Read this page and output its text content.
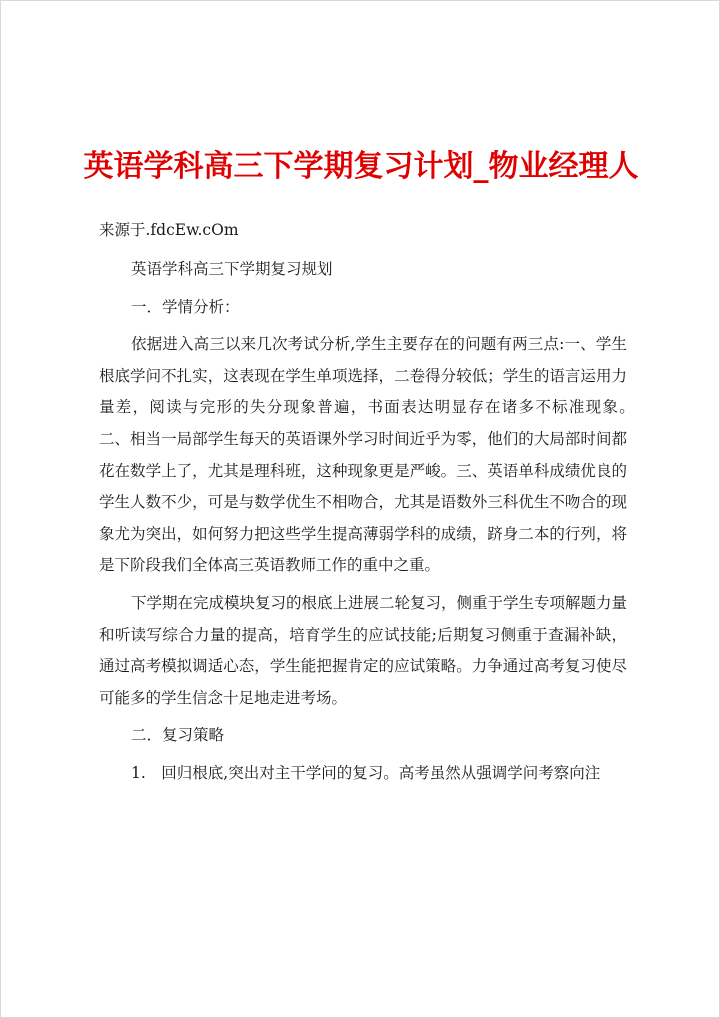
英语学科高三下学期复习计划_物业经理人
来源于.fdcEw.cOm

英语学科高三下学期复习规划

一．学情分析：

依据进入高三以来几次考试分析,学生主要存在的问题有两三点:一、学生根底学问不扎实，这表现在学生单项选择，二卷得分较低；学生的语言运用力量差，阅读与完形的失分现象普遍，书面表达明显存在诸多不标准现象。　二、相当一局部学生每天的英语课外学习时间近乎为零，他们的大局部时间都花在数学上了，尤其是理科班，这种现象更是严峻。三、英语单科成绩优良的学生人数不少，可是与数学优生不相吻合，尤其是语数外三科优生不吻合的现象尤为突出，如何努力把这些学生提高薄弱学科的成绩，跻身二本的行列，将是下阶段我们全体高三英语教师工作的重中之重。

下学期在完成模块复习的根底上进展二轮复习，侧重于学生专项解题力量和听读写综合力量的提高，培育学生的应试技能;后期复习侧重于查漏补缺，通过高考模拟调适心态，学生能把握肯定的应试策略。力争通过高考复习使尽可能多的学生信念十足地走进考场。

二．复习策略

1.　回归根底,突出对主干学问的复习。高考虽然从强调学问考察向注
